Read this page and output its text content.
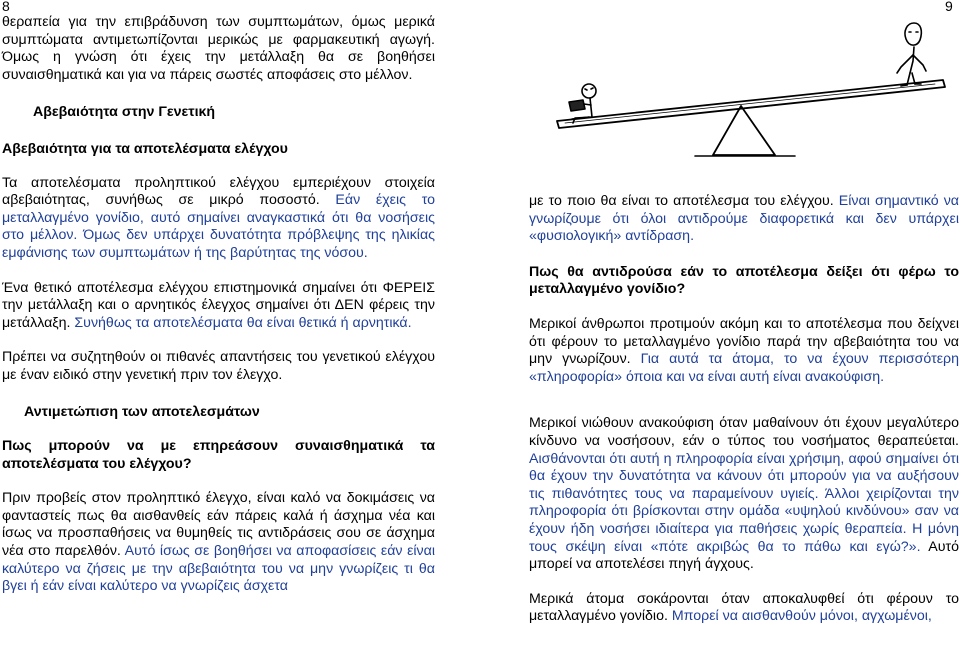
8	9

θεραπεία για την επιβράδυνση των συμπτωμάτων, όμως μερικά συμπτώματα αντιμετωπίζονται μερικώς με φαρμακευτική αγωγή. Όμως η γνώση ότι έχεις την μετάλλαξη θα σε βοηθήσει συναισθηματικά και για να πάρεις σωστές αποφάσεις στο μέλλον.

Αβεβαιότητα στην Γενετική

Αβεβαιότητα για τα αποτελέσματα ελέγχου

Τα αποτελέσματα προληπτικού ελέγχου εμπεριέχουν στοιχεία αβεβαιότητας, συνήθως σε μικρό ποσοστό. Εάν έχεις το μεταλλαγμένο γονίδιο, αυτό σημαίνει αναγκαστικά ότι θα νοσήσεις στο μέλλον. Όμως δεν υπάρχει δυνατότητα πρόβλεψης της ηλικίας εμφάνισης των συμπτωμάτων ή της βαρύτητας της νόσου.

Ένα θετικό αποτέλεσμα ελέγχου επιστημονικά σημαίνει ότι ΦΕΡΕΙΣ την μετάλλαξη και ο αρνητικός έλεγχος σημαίνει ότι ΔΕΝ φέρεις την μετάλλαξη. Συνήθως τα αποτελέσματα θα είναι θετικά ή αρνητικά.

Πρέπει να συζητηθούν οι πιθανές απαντήσεις του γενετικού ελέγχου με έναν ειδικό στην γενετική πριν τον έλεγχο.

Αντιμετώπιση των αποτελεσμάτων

Πως μπορούν να με επηρεάσουν συναισθηματικά τα αποτελέσματα του ελέγχου?

Πριν προβείς στον προληπτικό έλεγχο, είναι καλό να δοκιμάσεις να φανταστείς πως θα αισθανθείς εάν πάρεις καλά ή άσχημα νέα και ίσως να προσπαθήσεις να θυμηθείς τις αντιδράσεις σου σε άσχημα νέα στο παρελθόν. Αυτό ίσως σε βοηθήσει να αποφασίσεις εάν είναι καλύτερο να ζήσεις με την αβεβαιότητα του να μην γνωρίζεις τι θα βγει ή εάν είναι καλύτερο να γνωρίζεις άσχετα

με το ποιο θα είναι το αποτέλεσμα του ελέγχου. Είναι σημαντικό να γνωρίζουμε ότι όλοι αντιδρούμε διαφορετικά και δεν υπάρχει «φυσιολογική» αντίδραση.

Πως θα αντιδρούσα εάν το αποτέλεσμα δείξει ότι φέρω το μεταλλαγμένο γονίδιο?

Μερικοί άνθρωποι προτιμούν ακόμη και το αποτέλεσμα που δείχνει ότι φέρουν το μεταλλαγμένο γονίδιο παρά την αβεβαιότητα του να μην γνωρίζουν. Για αυτά τα άτομα, το να έχουν περισσότερη «πληροφορία» όποια και να είναι αυτή είναι ανακούφιση.

Μερικοί νιώθουν ανακούφιση όταν μαθαίνουν ότι έχουν μεγαλύτερο κίνδυνο να νοσήσουν, εάν ο τύπος του νοσήματος θεραπεύεται. Αισθάνονται ότι αυτή η πληροφορία είναι χρήσιμη, αφού σημαίνει ότι θα έχουν την δυνατότητα να κάνουν ότι μπορούν για να αυξήσουν τις πιθανότητες τους να παραμείνουν υγιείς. Άλλοι χειρίζονται την πληροφορία ότι βρίσκονται στην ομάδα «υψηλού κινδύνου» σαν να έχουν ήδη νοσήσει ιδιαίτερα για παθήσεις χωρίς θεραπεία. Η μόνη τους σκέψη είναι «πότε ακριβώς θα το πάθω και εγώ?». Αυτό μπορεί να αποτελέσει πηγή άγχους.

Μερικά άτομα σοκάρονται όταν αποκαλυφθεί ότι φέρουν το μεταλλαγμένο γονίδιο. Μπορεί να αισθανθούν μόνοι, αγχωμένοι,
